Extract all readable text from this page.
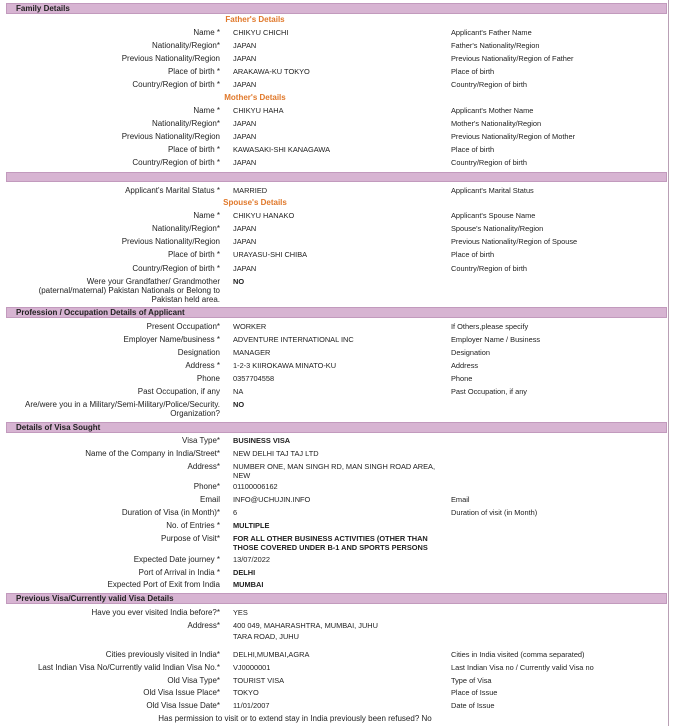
Family Details
Father's Details
Name * CHIKYU CHICHI	Applicant's Father Name
Nationality/Region* JAPAN	Father's Nationality/Region
Previous Nationality/Region JAPAN	Previous Nationality/Region of Father
Place of birth * ARAKAWA-KU TOKYO	Place of birth
Country/Region of birth * JAPAN	Country/Region of birth
Mother's Details
Name * CHIKYU HAHA	Applicant's Mother Name
Nationality/Region* JAPAN	Mother's Nationality/Region
Previous Nationality/Region JAPAN	Previous Nationality/Region of Mother
Place of birth * KAWASAKI-SHI KANAGAWA	Place of birth
Country/Region of birth * JAPAN	Country/Region of birth
Applicant's Marital Status * MARRIED	Applicant's Marital Status
Spouse's Details
Name * CHIKYU HANAKO	Applicant's Spouse Name
Nationality/Region* JAPAN	Spouse's Nationality/Region
Previous Nationality/Region JAPAN	Previous Nationality/Region of Spouse
Place of birth * URAYASU-SHI CHIBA	Place of birth
Country/Region of birth * JAPAN	Country/Region of birth
Were your Grandfather/ Grandmother
(paternal/maternal) Pakistan Nationals or Belong to
Pakistan held area.
NO
Profession / Occupation Details of Applicant
Present Occupation* WORKER	If Others,please specify
Employer Name/business * ADVENTURE INTERNATIONAL INC	Employer Name / Business
Designation MANAGER	Designation
Address * 1-2-3 KIIROKAWA MINATO-KU	Address
Phone 0357704558	Phone
Past Occupation, if any NA	Past Occupation, if any
Are/were you in a Military/Semi-Military/Police/Security.
Organization?
NO
Details of Visa Sought
Visa Type* BUSINESS VISA
Name of the Company in India/Street* NEW DELHI TAJ TAJ LTD
Address* NUMBER ONE, MAN SINGH RD, MAN SINGH ROAD AREA, NEW
Phone* 01100006162
Email INFO@UCHUJIN.INFO	Email
Duration of Visa (in Month)* 6	Duration of visit (in Month)
No. of Entries * MULTIPLE
Purpose of Visit* FOR ALL OTHER BUSINESS ACTIVITIES (OTHER THAN THOSE COVERED UNDER B-1 AND SPORTS PERSONS
Expected Date journey * 13/07/2022
Port of Arrival in India * DELHI
Expected Port of Exit from India MUMBAI
Previous Visa/Currently valid Visa Details
Have you ever visited India before?* YES
Address* 400 049, MAHARASHTRA, MUMBAI, JUHU
TARA ROAD, JUHU
Cities previously visited in India* DELHI,MUMBAI,AGRA	Cities in India visited (comma separated)
Last Indian Visa No/Currently valid Indian Visa No.* VJ0000001	Last Indian Visa no / Currently valid Visa no
Old Visa Type* TOURIST VISA	Type of Visa
Old Visa Issue Place* TOKYO	Place of Issue
Old Visa Issue Date* 11/01/2007	Date of Issue
Has permission to visit or to extend stay in India previously been refused? No
